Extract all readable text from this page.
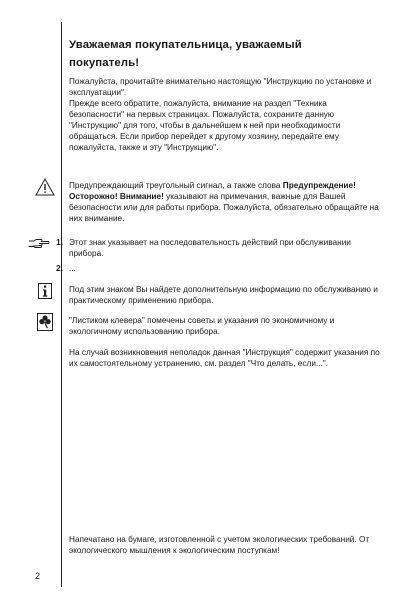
Уважаемая покупательница, уважаемый
покупатель!

Пожалуйста, прочитайте внимательно настоящую "Инструкцию по установке и эксплуатации".

Прежде всего обратите, пожалуйста, внимание на раздел "Техника безопасности" на первых страницах. Пожалуйста, сохраните данную "Инструкцию" для того, чтобы в дальнейшем к ней при необходимости обращаться. Если прибор перейдет к другому хозяину, передайте ему пожалуйста, также и эту "Инструкцию".

Предупреждающий треугольный сигнал, а также слова Предупреждение! Осторожно! Внимание! указывают на примечания, важные для Вашей безопасности или для работы прибора. Пожалуйста, обязательно обращайте на них внимание.

1. Этот знак указывает на последовательность действий при обслуживании прибора.

2. ...

Под этим знаком Вы найдете дополнительную информацию по обслуживанию и практическому применению прибора.

"Листиком клевера" помечены советы и указания по экономичному и экологичному использованию прибора.

На случай возникновения неполадок данная "Инструкция" содержит указания по их самостоятельному устранению, см. раздел "Что делать, если...".

Напечатано на бумаге, изготовленной с учетом экологических требований. От экологического мышления к экологическим поступкам!

2
